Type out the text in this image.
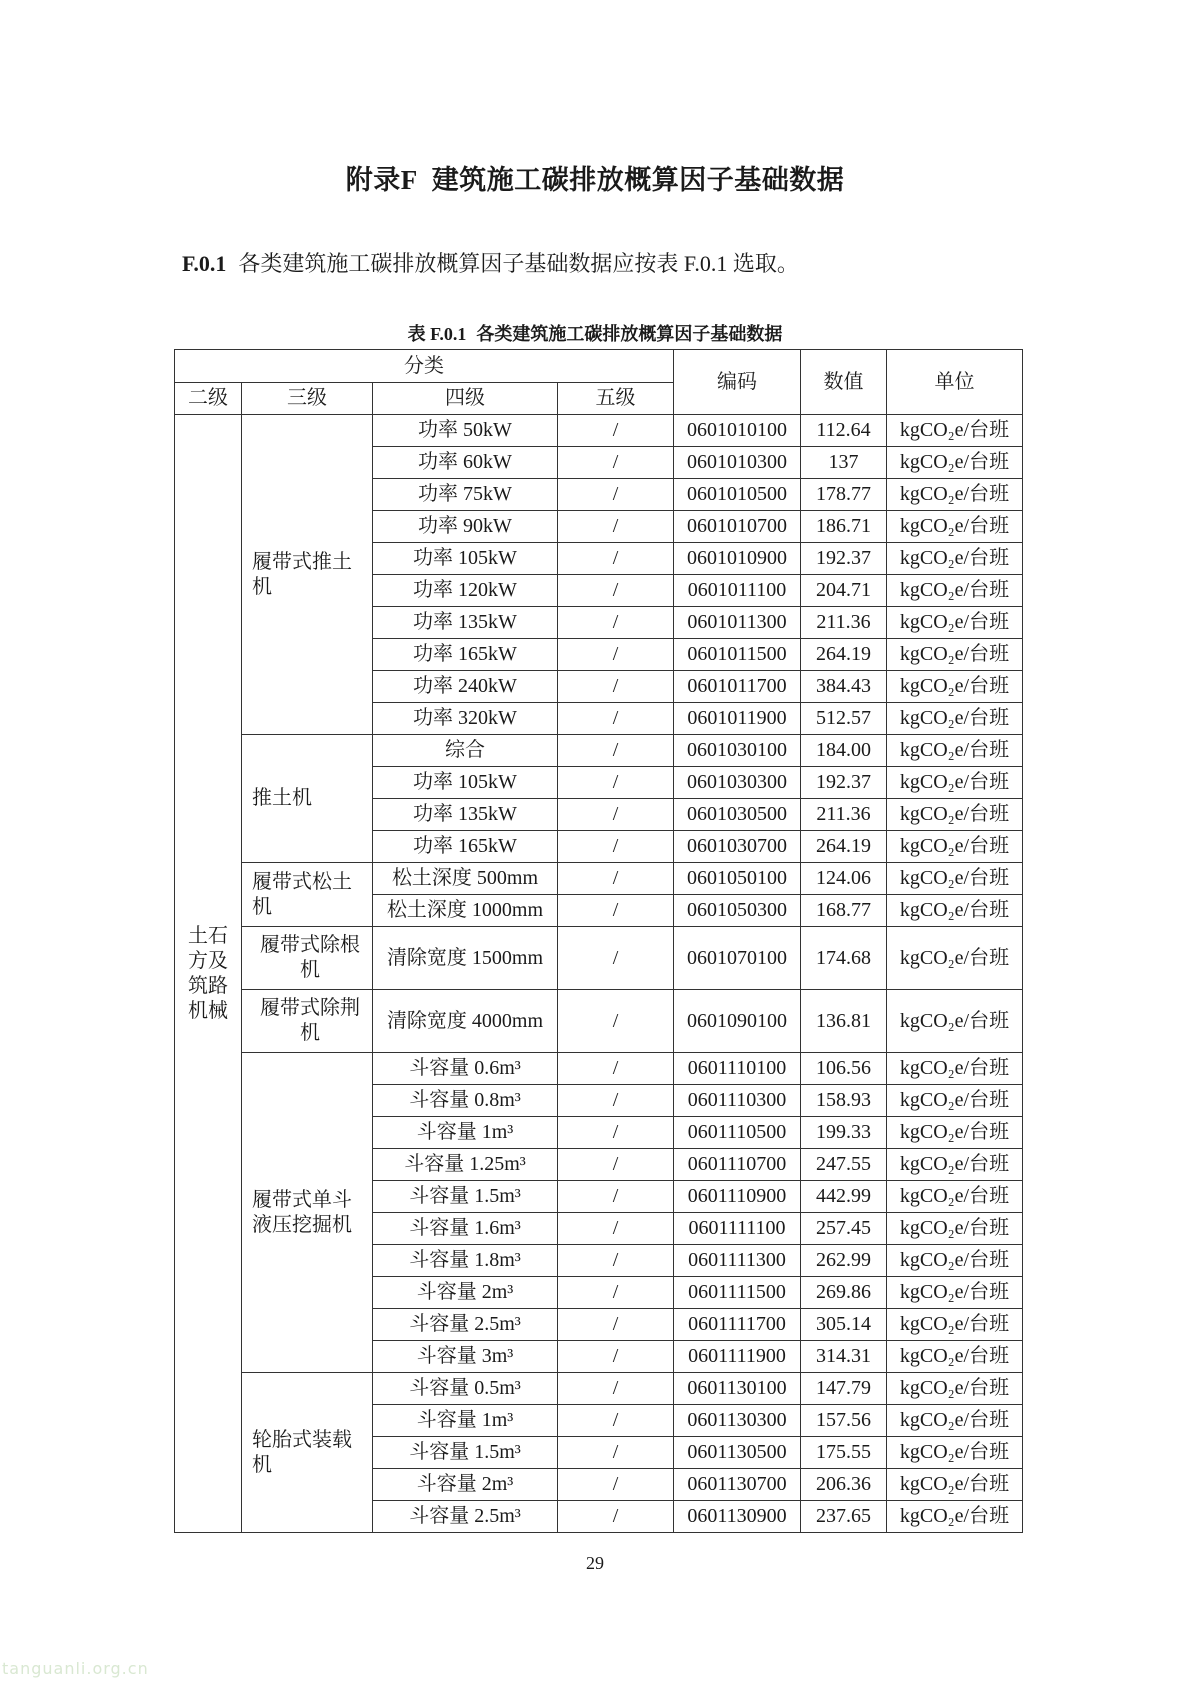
附录F 建筑施工碳排放概算因子基础数据
F.0.1 各类建筑施工碳排放概算因子基础数据应按表 F.0.1 选取。
表 F.0.1 各类建筑施工碳排放概算因子基础数据
分类				编码	数值	单位
二级	三级	四级	五级			
土石方及筑路机械	履带式推土机	功率 50kW	/	0601010100	112.64	kgCO₂e/台班
		功率 60kW	/	0601010300	137	kgCO₂e/台班
		功率 75kW	/	0601010500	178.77	kgCO₂e/台班
		功率 90kW	/	0601010700	186.71	kgCO₂e/台班
		功率 105kW	/	0601010900	192.37	kgCO₂e/台班
		功率 120kW	/	0601011100	204.71	kgCO₂e/台班
		功率 135kW	/	0601011300	211.36	kgCO₂e/台班
		功率 165kW	/	0601011500	264.19	kgCO₂e/台班
		功率 240kW	/	0601011700	384.43	kgCO₂e/台班
		功率 320kW	/	0601011900	512.57	kgCO₂e/台班
	推土机	综合	/	0601030100	184.00	kgCO₂e/台班
		功率 105kW	/	0601030300	192.37	kgCO₂e/台班
		功率 135kW	/	0601030500	211.36	kgCO₂e/台班
		功率 165kW	/	0601030700	264.19	kgCO₂e/台班
	履带式松土机	松土深度 500mm	/	0601050100	124.06	kgCO₂e/台班
		松土深度 1000mm	/	0601050300	168.77	kgCO₂e/台班
	履带式除根机	清除宽度 1500mm	/	0601070100	174.68	kgCO₂e/台班
	履带式除荆机	清除宽度 4000mm	/	0601090100	136.81	kgCO₂e/台班
	履带式单斗液压挖掘机	斗容量 0.6m³	/	0601110100	106.56	kgCO₂e/台班
		斗容量 0.8m³	/	0601110300	158.93	kgCO₂e/台班
		斗容量 1m³	/	0601110500	199.33	kgCO₂e/台班
		斗容量 1.25m³	/	0601110700	247.55	kgCO₂e/台班
		斗容量 1.5m³	/	0601110900	442.99	kgCO₂e/台班
		斗容量 1.6m³	/	0601111100	257.45	kgCO₂e/台班
		斗容量 1.8m³	/	0601111300	262.99	kgCO₂e/台班
		斗容量 2m³	/	0601111500	269.86	kgCO₂e/台班
		斗容量 2.5m³	/	0601111700	305.14	kgCO₂e/台班
		斗容量 3m³	/	0601111900	314.31	kgCO₂e/台班
	轮胎式装载机	斗容量 0.5m³	/	0601130100	147.79	kgCO₂e/台班
		斗容量 1m³	/	0601130300	157.56	kgCO₂e/台班
		斗容量 1.5m³	/	0601130500	175.55	kgCO₂e/台班
		斗容量 2m³	/	0601130700	206.36	kgCO₂e/台班
		斗容量 2.5m³	/	0601130900	237.65	kgCO₂e/台班
29
tanguanli.org.cn
